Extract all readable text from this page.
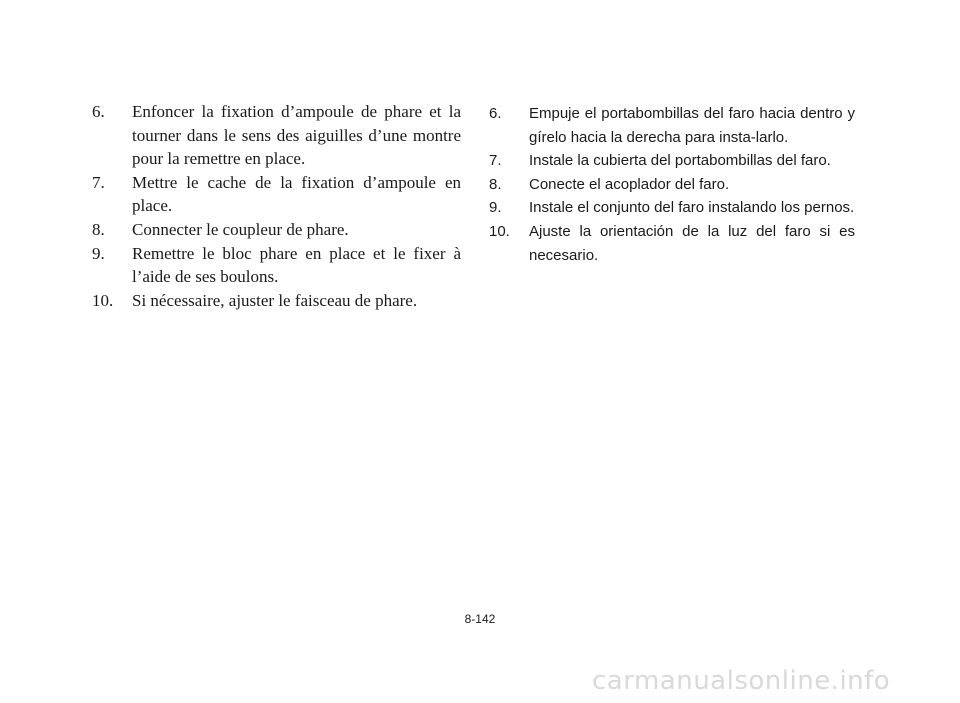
6.	Enfoncer la fixation d’ampoule de phare et la tourner dans le sens des aiguilles d’une montre pour la remettre en place.
7.	Mettre le cache de la fixation d’ampoule en place.
8.	Connecter le coupleur de phare.
9.	Remettre le bloc phare en place et le fixer à l’aide de ses boulons.
10.	Si nécessaire, ajuster le faisceau de phare.
6.	Empuje el portabombillas del faro hacia dentro y gírelo hacia la derecha para insta-larlo.
7.	Instale la cubierta del portabombillas del faro.
8.	Conecte el acoplador del faro.
9.	Instale el conjunto del faro instalando los pernos.
10.	Ajuste la orientación de la luz del faro si es necesario.
8-142
carmanualsonline.info
